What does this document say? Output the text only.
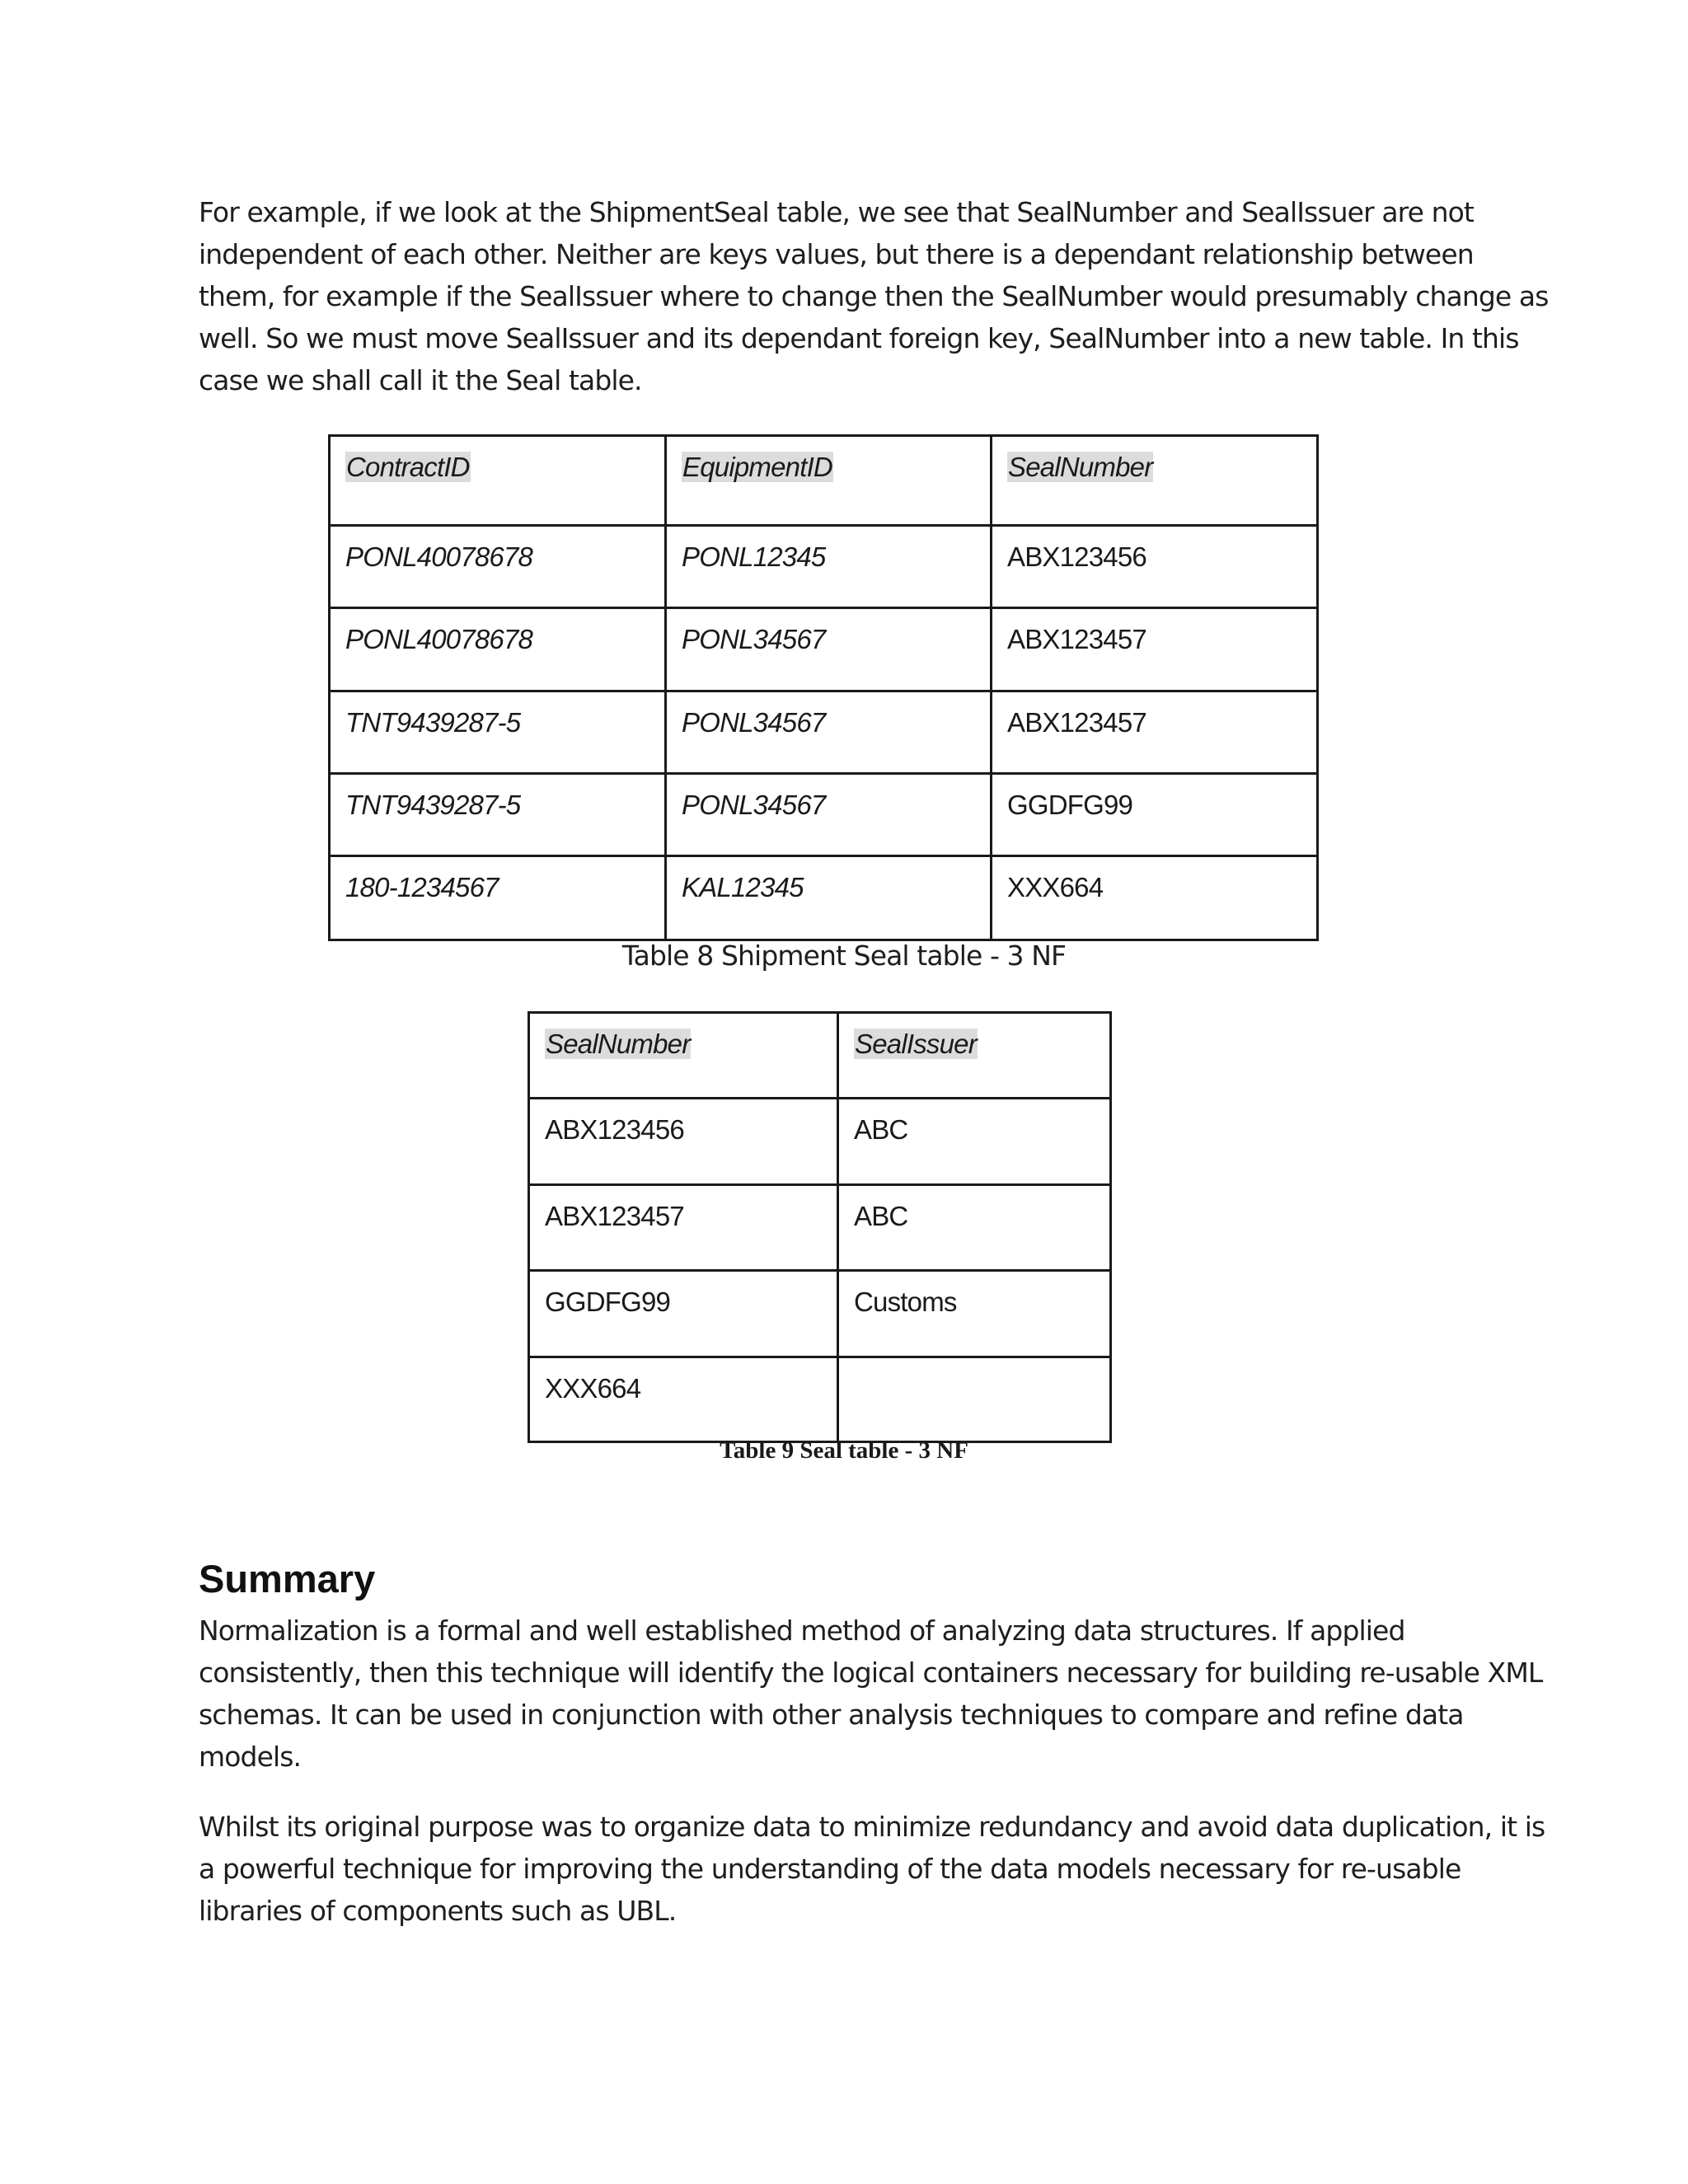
For example, if we look at the ShipmentSeal table, we see that SealNumber and SealIssuer are not
independent of each other. Neither are keys values, but there is a dependant relationship between
them, for example if the SealIssuer where to change then the SealNumber would presumably change as
well. So we must move SealIssuer and its dependant foreign key, SealNumber into a new table. In this
case we shall call it the Seal table.

ContractID	EquipmentID	SealNumber
PONL40078678	PONL12345	ABX123456
PONL40078678	PONL34567	ABX123457
TNT9439287-5	PONL34567	ABX123457
TNT9439287-5	PONL34567	GGDFG99
180-1234567	KAL12345	XXX664
Table 8 Shipment Seal table - 3 NF
SealNumber	SealIssuer
ABX123456	ABC
ABX123457	ABC
GGDFG99	Customs
XXX664	
Table 9 Seal table - 3 NF
Summary

Normalization is a formal and well established method of analyzing data structures. If applied
consistently, then this technique will identify the logical containers necessary for building re-usable XML
schemas. It can be used in conjunction with other analysis techniques to compare and refine data
models.

Whilst its original purpose was to organize data to minimize redundancy and avoid data duplication, it is
a powerful technique for improving the understanding of the data models necessary for re-usable
libraries of components such as UBL.
